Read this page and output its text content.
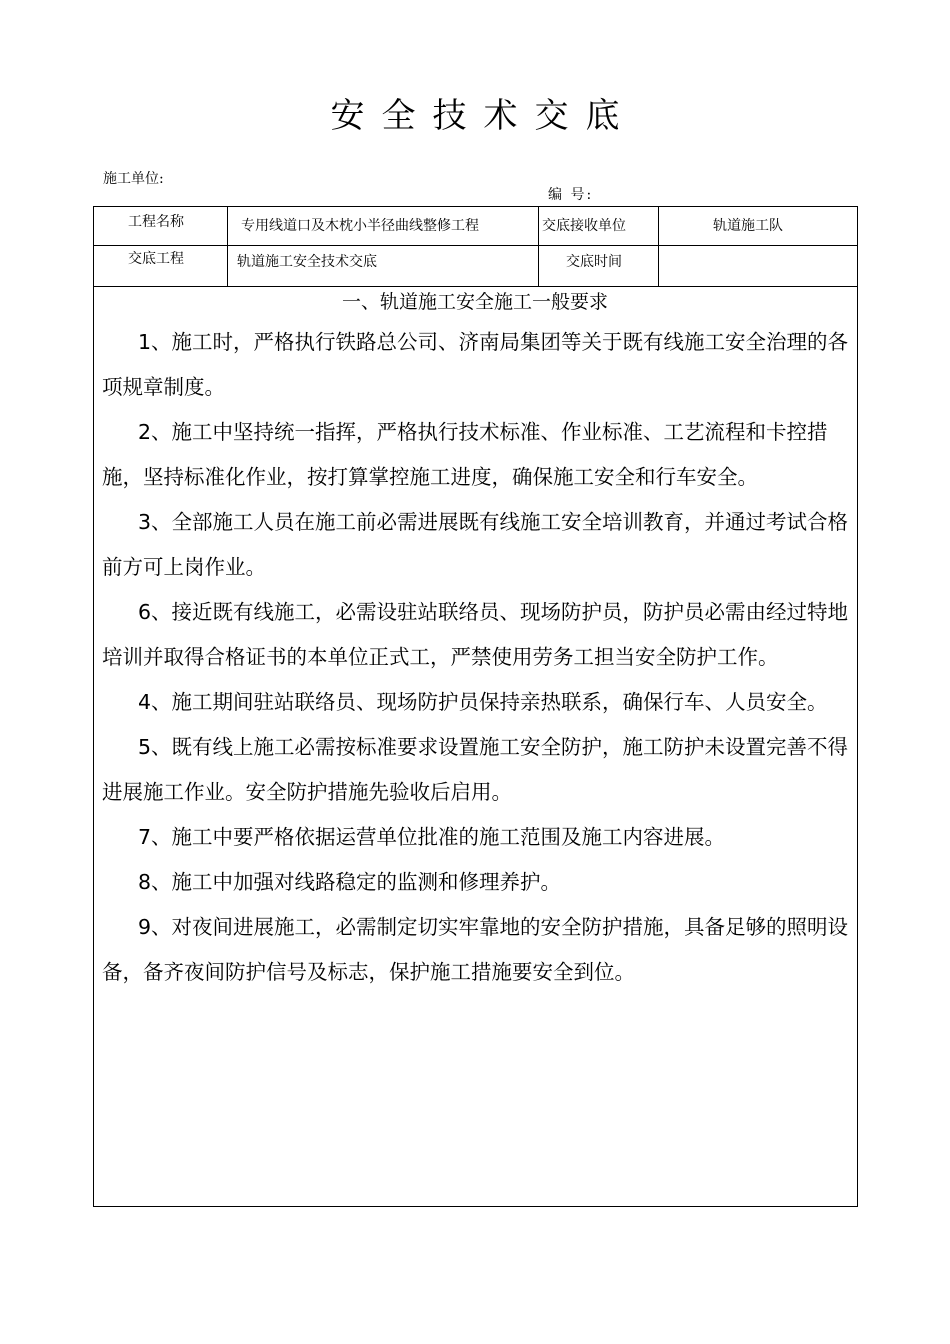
安全技术交底
施工单位:
编 号:
工程名称	专用线道口及木枕小半径曲线整修工程	交底接收单位	轨道施工队
交底工程	轨道施工安全技术交底	交底时间
一、轨道施工安全施工一般要求

1、施工时，严格执行铁路总公司、济南局集团等关于既有线施工安全治理的各项规章制度。

2、施工中坚持统一指挥，严格执行技术标准、作业标准、工艺流程和卡控措施，坚持标准化作业，按打算掌控施工进度，确保施工安全和行车安全。

3、全部施工人员在施工前必需进展既有线施工安全培训教育，并通过考试合格前方可上岗作业。

6、接近既有线施工，必需设驻站联络员、现场防护员，防护员必需由经过特地培训并取得合格证书的本单位正式工，严禁使用劳务工担当安全防护工作。

4、施工期间驻站联络员、现场防护员保持亲热联系，确保行车、人员安全。

5、既有线上施工必需按标准要求设置施工安全防护，施工防护未设置完善不得进展施工作业。安全防护措施先验收后启用。

7、施工中要严格依据运营单位批准的施工范围及施工内容进展。

8、施工中加强对线路稳定的监测和修理养护。

9、对夜间进展施工，必需制定切实牢靠地的安全防护措施，具备足够的照明设备，备齐夜间防护信号及标志，保护施工措施要安全到位。
